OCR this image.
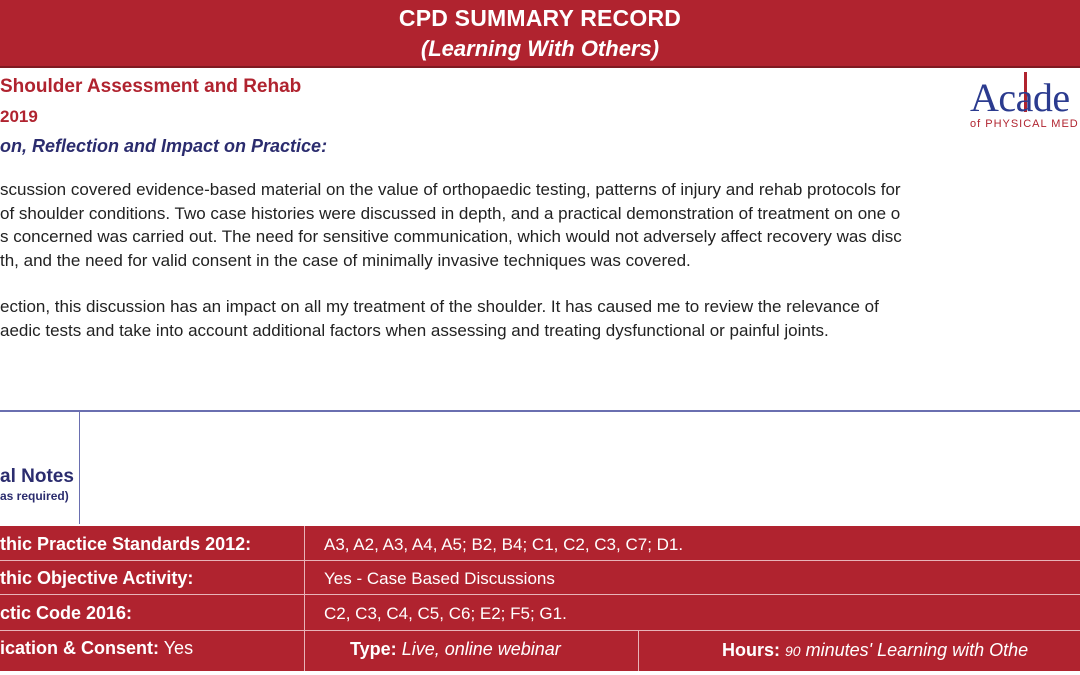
CPD SUMMARY RECORD
(Learning With Others)
Shoulder Assessment and Rehab
2019
on, Reflection and Impact on Practice:
Acade
of PHYSICAL MED
scussion covered evidence-based material on the value of orthopaedic testing, patterns of injury and rehab protocols for
of shoulder conditions. Two case histories were discussed in depth, and a practical demonstration of treatment on one o
s concerned was carried out. The need for sensitive communication, which would not adversely affect recovery was disc
th, and the need for valid consent in the case of minimally invasive techniques was covered.
ection, this discussion has an impact on all my treatment of the shoulder. It has caused me to review the relevance of
aedic tests and take into account additional factors when assessing and treating dysfunctional or painful joints.
al Notes
as required)
thic Practice Standards 2012:	A3, A2, A3, A4, A5; B2, B4; C1, C2, C3, C7; D1.
thic Objective Activity:	Yes - Case Based Discussions
ctic Code 2016:	C2, C3, C4, C5, C6; E2; F5; G1.
ication & Consent: Yes	Type: Live, online webinar	Hours: 90 minutes' Learning with Othe
